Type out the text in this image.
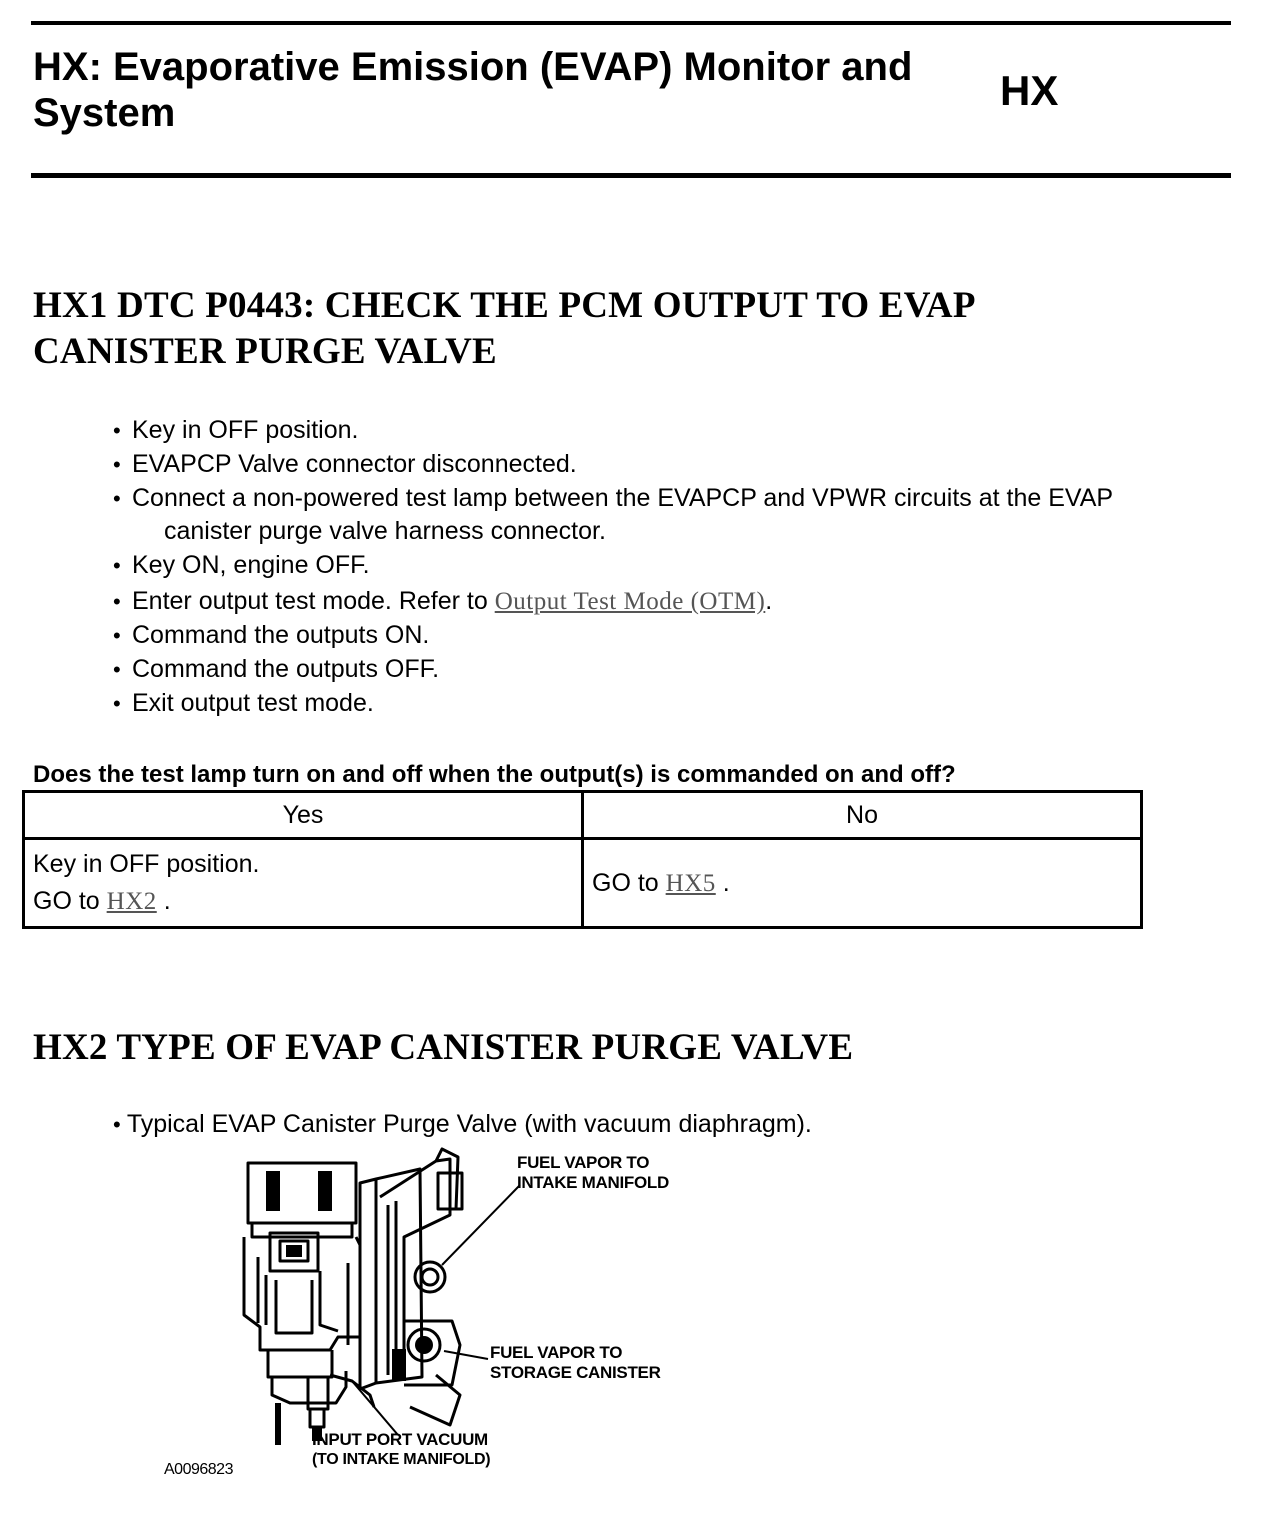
HX: Evaporative Emission (EVAP) Monitor and System	HX
HX1 DTC P0443: CHECK THE PCM OUTPUT TO EVAP CANISTER PURGE VALVE
• Key in OFF position.
• EVAPCP Valve connector disconnected.
• Connect a non-powered test lamp between the EVAPCP and VPWR circuits at the EVAP
canister purge valve harness connector.
• Key ON, engine OFF.
• Enter output test mode. Refer to Output Test Mode (OTM).
• Command the outputs ON.
• Command the outputs OFF.
• Exit output test mode.
Does the test lamp turn on and off when the output(s) is commanded on and off?
Yes	No
Key in OFF position.
GO to HX2 .	GO to HX5 .
HX2 TYPE OF EVAP CANISTER PURGE VALVE
• Typical EVAP Canister Purge Valve (with vacuum diaphragm).
FUEL VAPOR TO
INTAKE MANIFOLD
FUEL VAPOR TO
STORAGE CANISTER
INPUT PORT VACUUM
(TO INTAKE MANIFOLD)
A0096823
